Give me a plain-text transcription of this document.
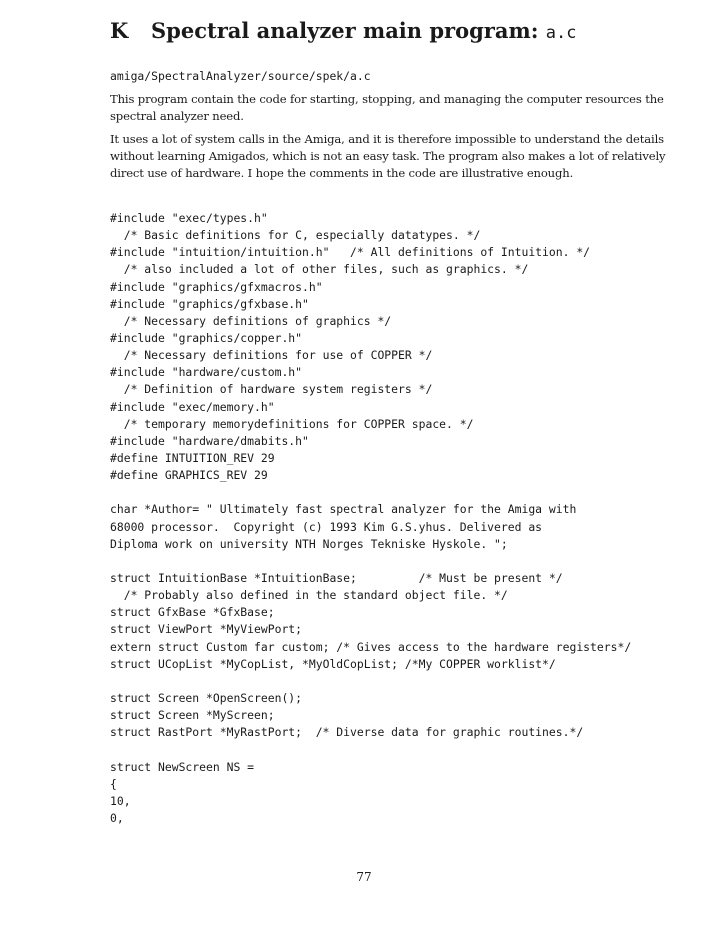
K Spectral analyzer main program: a.c
amiga/SpectralAnalyzer/source/spek/a.c

This program contain the code for starting, stopping, and managing the computer resources the spectral analyzer need.

It uses a lot of system calls in the Amiga, and it is therefore impossible to understand the details without learning Amigados, which is not an easy task. The program also makes a lot of relatively direct use of hardware. I hope the comments in the code are illustrative enough.

#include "exec/types.h"
/* Basic definitions for C, especially datatypes. */
#include "intuition/intuition.h"   /* All definitions of Intuition. */
/* also included a lot of other files, such as graphics. */
#include "graphics/gfxmacros.h"
#include "graphics/gfxbase.h"
/* Necessary definitions of graphics */
#include "graphics/copper.h"
/* Necessary definitions for use of COPPER */
#include "hardware/custom.h"
/* Definition of hardware system registers */
#include "exec/memory.h"
/* temporary memorydefinitions for COPPER space. */
#include "hardware/dmabits.h"
#define INTUITION_REV 29
#define GRAPHICS_REV 29
char *Author= " Ultimately fast spectral analyzer for the Amiga with
68000 processor.  Copyright (c) 1993 Kim G.S.yhus. Delivered as
Diploma work on university NTH Norges Tekniske Hyskole. ";
struct IntuitionBase *IntuitionBase;         /* Must be present */
/* Probably also defined in the standard object file. */
struct GfxBase *GfxBase;
struct ViewPort *MyViewPort;
extern struct Custom far custom; /* Gives access to the hardware registers*/
struct UCopList *MyCopList, *MyOldCopList; /*My COPPER worklist*/
struct Screen *OpenScreen();
struct Screen *MyScreen;
struct RastPort *MyRastPort;  /* Diverse data for graphic routines.*/
struct NewScreen NS =
{
10,
0,
77
